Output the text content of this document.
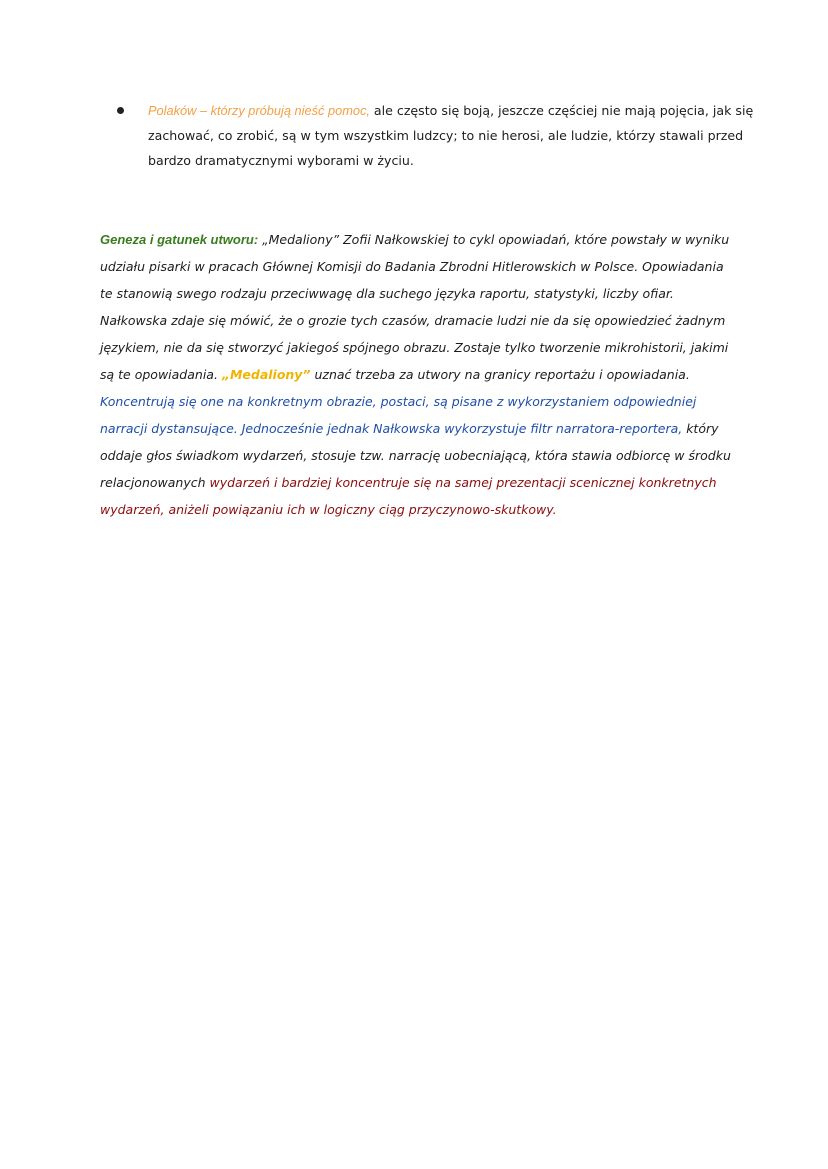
Polaków – którzy próbują nieść pomoc, ale często się boją, jeszcze częściej nie mają pojęcia, jak się zachować, co zrobić, są w tym wszystkim ludzcy; to nie herosi, ale ludzie, którzy stawali przed bardzo dramatycznymi wyborami w życiu.
Geneza i gatunek utworu: „Medaliony” Zofii Nałkowskiej to cykl opowiadań, które powstały w wyniku udziału pisarki w pracach Głównej Komisji do Badania Zbrodni Hitlerowskich w Polsce. Opowiadania te stanowią swego rodzaju przeciwwagę dla suchego języka raportu, statystyki, liczby ofiar. Nałkowska zdaje się mówić, że o grozie tych czasów, dramacie ludzi nie da się opowiedzieć żadnym językiem, nie da się stworzyć jakiegoś spójnego obrazu. Zostaje tylko tworzenie mikrohistorii, jakimi są te opowiadania. „Medaliony” uznać trzeba za utwory na granicy reportażu i opowiadania. Koncentrują się one na konkretnym obrazie, postaci, są pisane z wykorzystaniem odpowiedniej narracji dystansujące. Jednocześnie jednak Nałkowska wykorzystuje filtr narratora-reportera, który oddaje głos świadkom wydarzeń, stosuje tzw. narrację uobecniającą, która stawia odbiorcę w środku relacjonowanych wydarzeń i bardziej koncentruje się na samej prezentacji scenicznej konkretnych wydarzeń, aniżeli powiązaniu ich w logiczny ciąg przyczynowo-skutkowy.
